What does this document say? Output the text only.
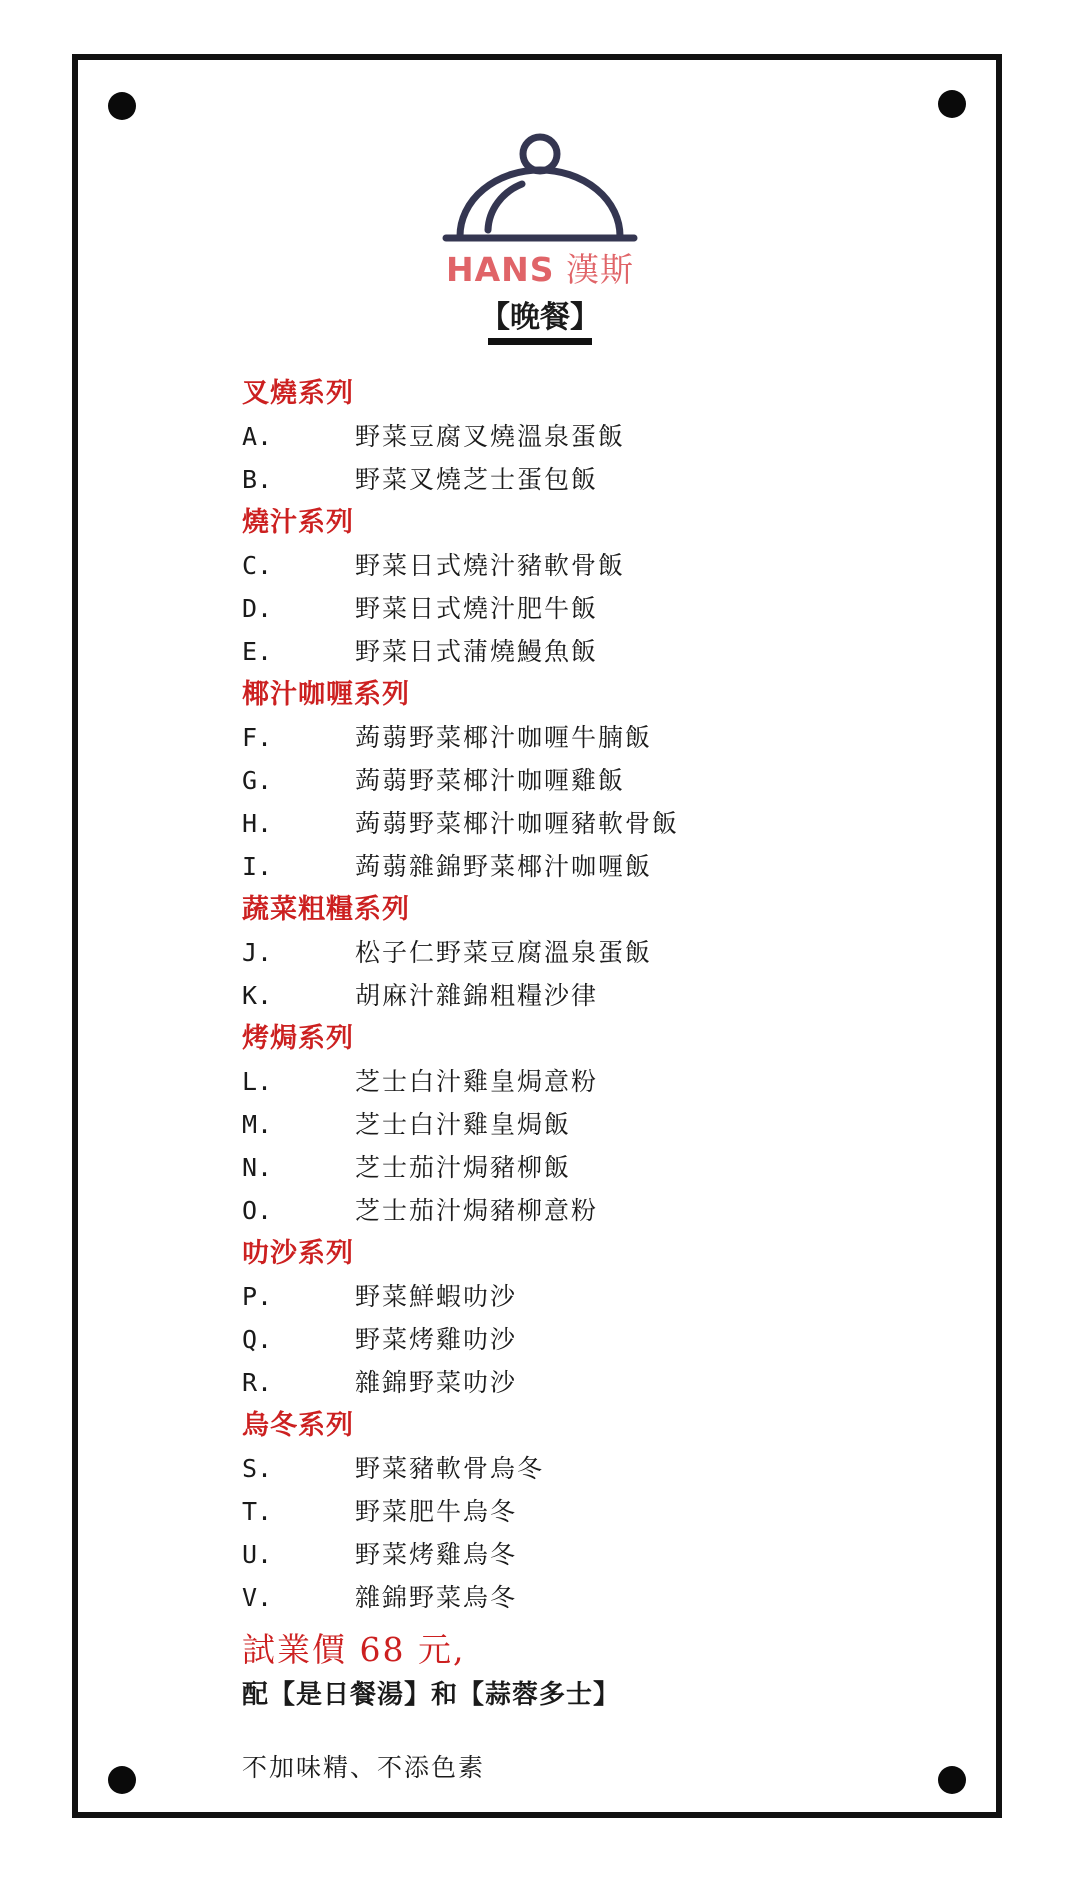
HANS 漢斯
【晚餐】
叉燒系列
A.	野菜豆腐叉燒溫泉蛋飯
B.	野菜叉燒芝士蛋包飯
燒汁系列
C.	野菜日式燒汁豬軟骨飯
D.	野菜日式燒汁肥牛飯
E.	野菜日式蒲燒鰻魚飯
椰汁咖喱系列
F.	蒟蒻野菜椰汁咖喱牛腩飯
G.	蒟蒻野菜椰汁咖喱雞飯
H.	蒟蒻野菜椰汁咖喱豬軟骨飯
I.	蒟蒻雜錦野菜椰汁咖喱飯
蔬菜粗糧系列
J.	松子仁野菜豆腐溫泉蛋飯
K.	胡麻汁雜錦粗糧沙律
烤焗系列
L.	芝士白汁雞皇焗意粉
M.	芝士白汁雞皇焗飯
N.	芝士茄汁焗豬柳飯
O.	芝士茄汁焗豬柳意粉
叻沙系列
P.	野菜鮮蝦叻沙
Q.	野菜烤雞叻沙
R.	雜錦野菜叻沙
烏冬系列
S.	野菜豬軟骨烏冬
T.	野菜肥牛烏冬
U.	野菜烤雞烏冬
V.	雜錦野菜烏冬
試業價 68 元,
配【是日餐湯】和【蒜蓉多士】
不加味精、不添色素
